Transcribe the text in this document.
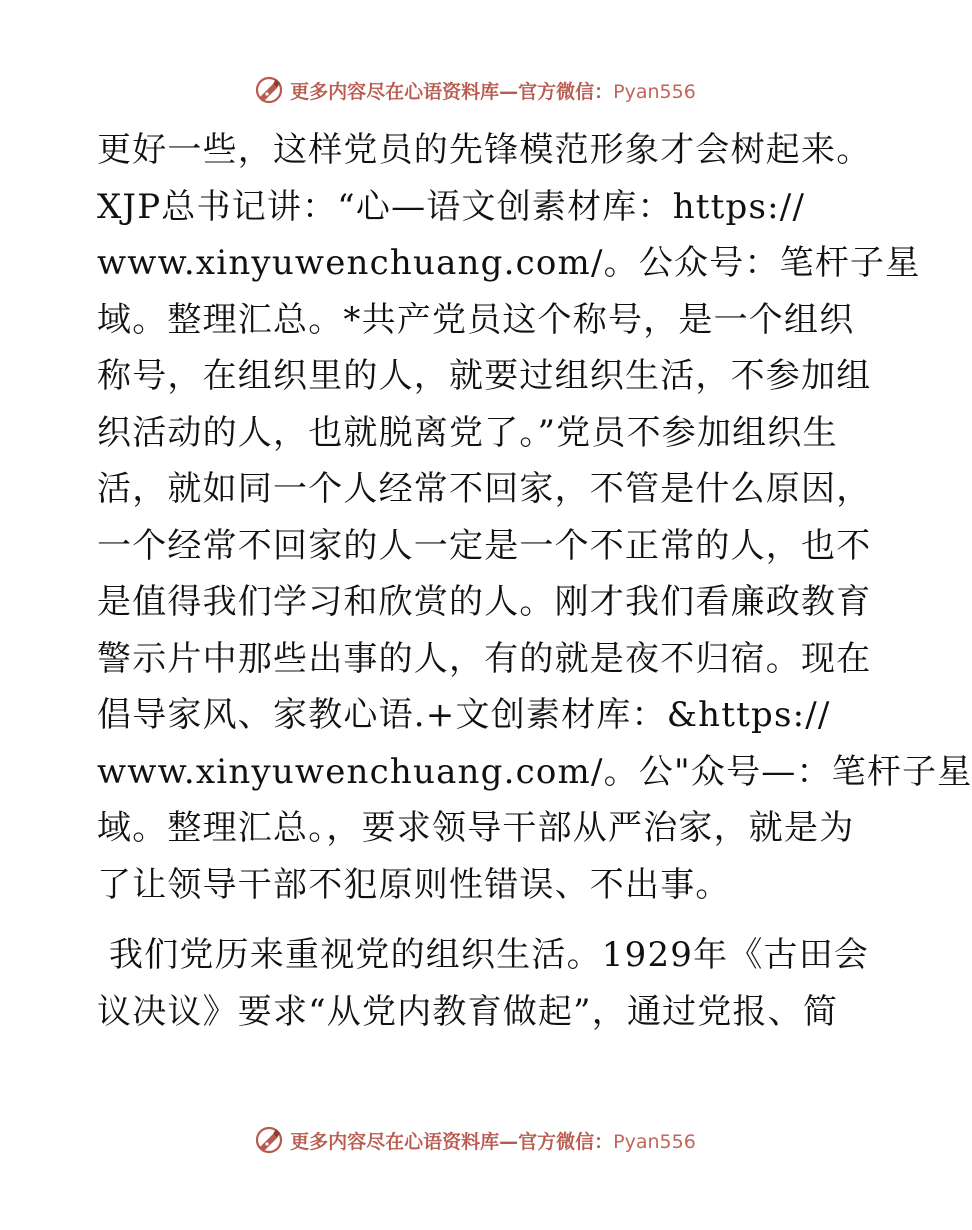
更多内容尽在心语资料库—官方微信：Pyan556
更好一些，这样党员的先锋模范形象才会树起来。
XJP总书记讲：“心—语文创素材库：https://
www.xinyuwenchuang.com/。公众号：笔杆子星
域。整理汇总。*共产党员这个称号，是一个组织
称号，在组织里的人，就要过组织生活，不参加组
织活动的人，也就脱离党了。”党员不参加组织生
活，就如同一个人经常不回家，不管是什么原因，
一个经常不回家的人一定是一个不正常的人，也不
是值得我们学习和欣赏的人。刚才我们看廉政教育
警示片中那些出事的人，有的就是夜不归宿。现在
倡导家风、家教心语.+文创素材库：&https://
www.xinyuwenchuang.com/。公"众号—：笔杆子星
域。整理汇总。，要求领导干部从严治家，就是为
了让领导干部不犯原则性错误、不出事。
我们党历来重视党的组织生活。1929年《古田会
议决议》要求“从党内教育做起”，通过党报、简
更多内容尽在心语资料库—官方微信：Pyan556
